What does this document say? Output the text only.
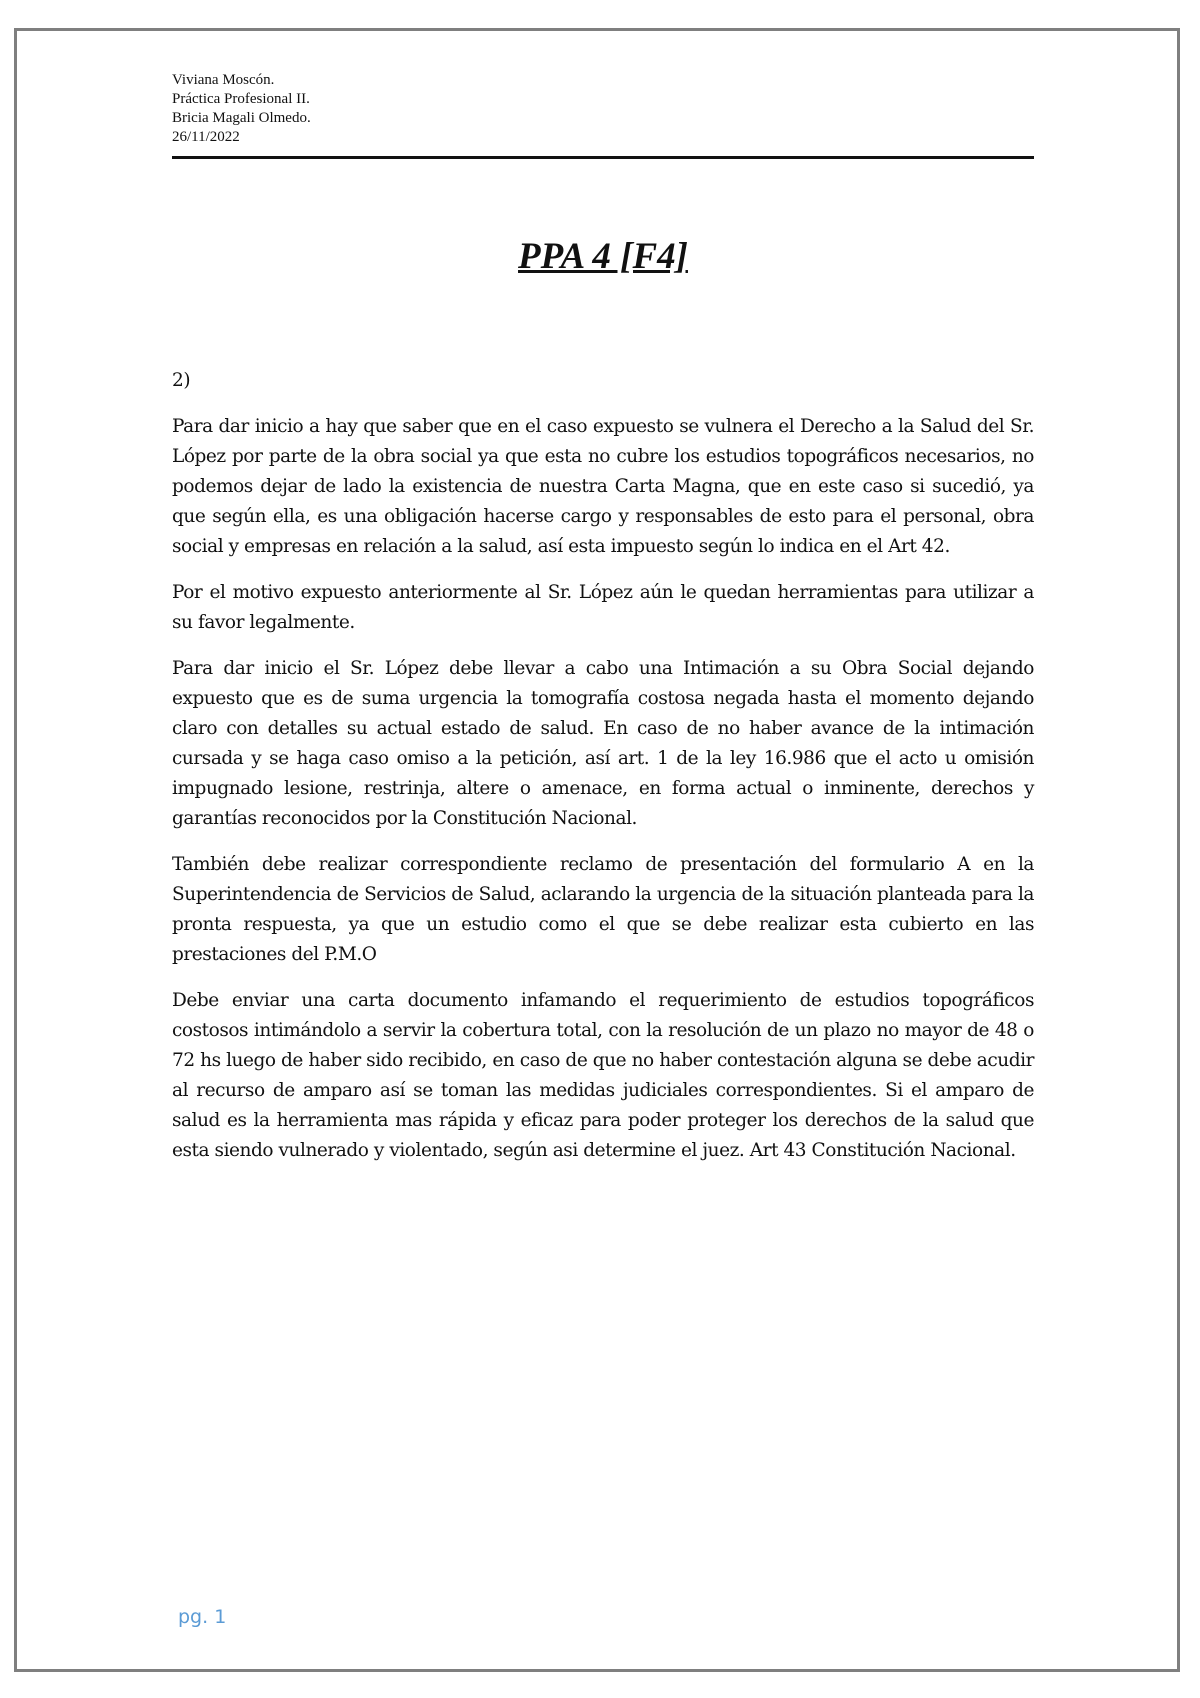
Viviana Moscón.
Práctica Profesional II.
Bricia Magali Olmedo.
26/11/2022
PPA 4 [F4]

2)

Para dar inicio a hay que saber que en el caso expuesto se vulnera el Derecho a la Salud del Sr. López por parte de la obra social ya que esta no cubre los estudios topográficos necesarios, no podemos dejar de lado la existencia de nuestra Carta Magna, que en este caso si sucedió, ya que según ella, es una obligación hacerse cargo y responsables de esto para el personal, obra social y empresas en relación a la salud, así esta impuesto según lo indica en el Art 42.

Por el motivo expuesto anteriormente al Sr. López aún le quedan herramientas para utilizar a su favor legalmente.

Para dar inicio el Sr. López debe llevar a cabo una Intimación a su Obra Social dejando expuesto que es de suma urgencia la tomografía costosa negada hasta el momento dejando claro con detalles su actual estado de salud. En caso de no haber avance de la intimación cursada y se haga caso omiso a la petición, así art. 1 de la ley 16.986 que el acto u omisión impugnado lesione, restrinja, altere o amenace, en forma actual o inminente, derechos y garantías reconocidos por la Constitución Nacional.

También debe realizar correspondiente reclamo de presentación del formulario A en la Superintendencia de Servicios de Salud, aclarando la urgencia de la situación planteada para la pronta respuesta, ya que un estudio como el que se debe realizar esta cubierto en las prestaciones del P.M.O

Debe enviar una carta documento infamando el requerimiento de estudios topográficos costosos intimándolo a servir la cobertura total, con la resolución de un plazo no mayor de 48 o 72 hs luego de haber sido recibido, en caso de que no haber contestación alguna se debe acudir al recurso de amparo así se toman las medidas judiciales correspondientes. Si el amparo de salud es la herramienta mas rápida y eficaz para poder proteger los derechos de la salud que esta siendo vulnerado y violentado, según asi determine el juez. Art 43 Constitución Nacional.

pg. 1
